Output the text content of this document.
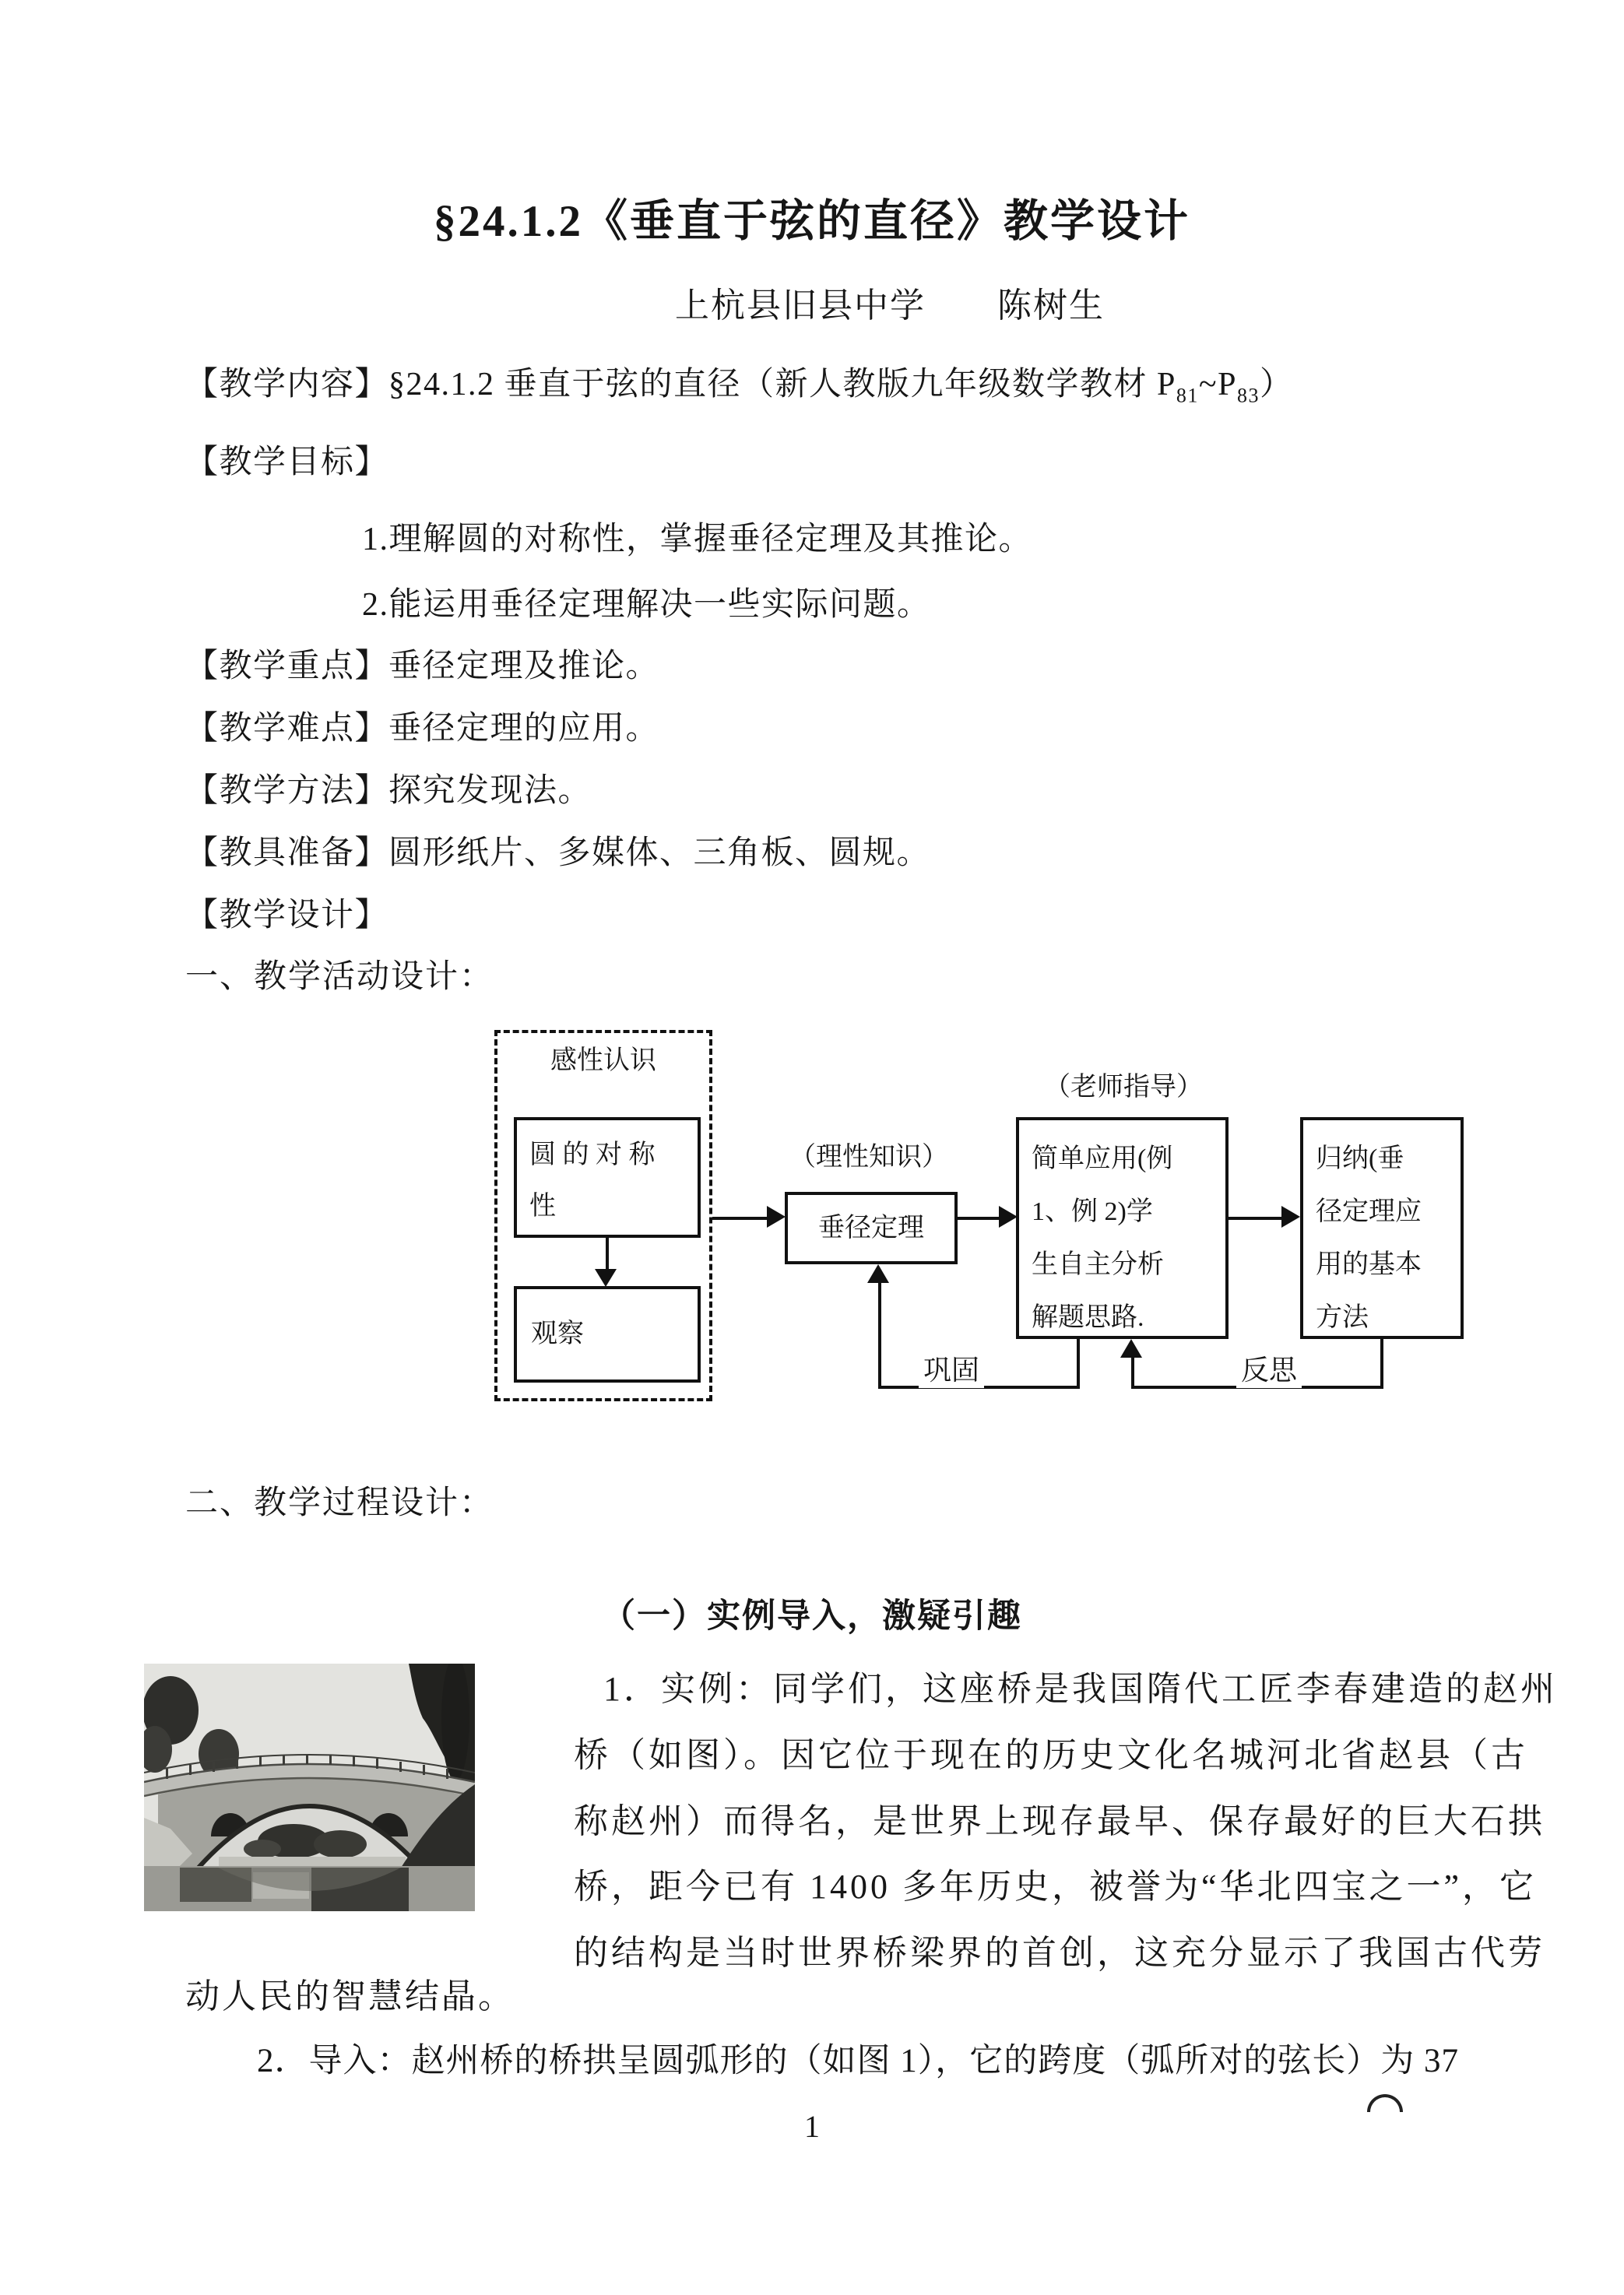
§24.1.2《垂直于弦的直径》教学设计
上杭县旧县中学　　陈树生
【教学内容】§24.1.2 垂直于弦的直径（新人教版九年级数学教材 $P_{81}\sim P_{83}$）
【教学目标】
1.理解圆的对称性，掌握垂径定理及其推论。
2.能运用垂径定理解决一些实际问题。
【教学重点】垂径定理及推论。
【教学难点】垂径定理的应用。
【教学方法】探究发现法。
【教具准备】圆形纸片、多媒体、三角板、圆规。
【教学设计】
一、教学活动设计：
感性认识
圆 的 对 称
性
观察
（理性知识）
（老师指导）
垂径定理
简单应用(例
1、例 2)学
生自主分析
解题思路.
归纳(垂
径定理应
用的基本
方法
巩固	反思
二、教学过程设计：
（一）实例导入，激疑引趣
1．实例：同学们，这座桥是我国隋代工匠李春建造的赵州
桥（如图）。因它位于现在的历史文化名城河北省赵县（古
称赵州）而得名，是世界上现存最早、保存最好的巨大石拱
桥，距今已有 1400 多年历史，被誉为“华北四宝之一”，它
的结构是当时世界桥梁界的首创，这充分显示了我国古代劳
动人民的智慧结晶。
2．导入：赵州桥的桥拱呈圆弧形的（如图 1），它的跨度（弧所对的弦长）为 37
1
